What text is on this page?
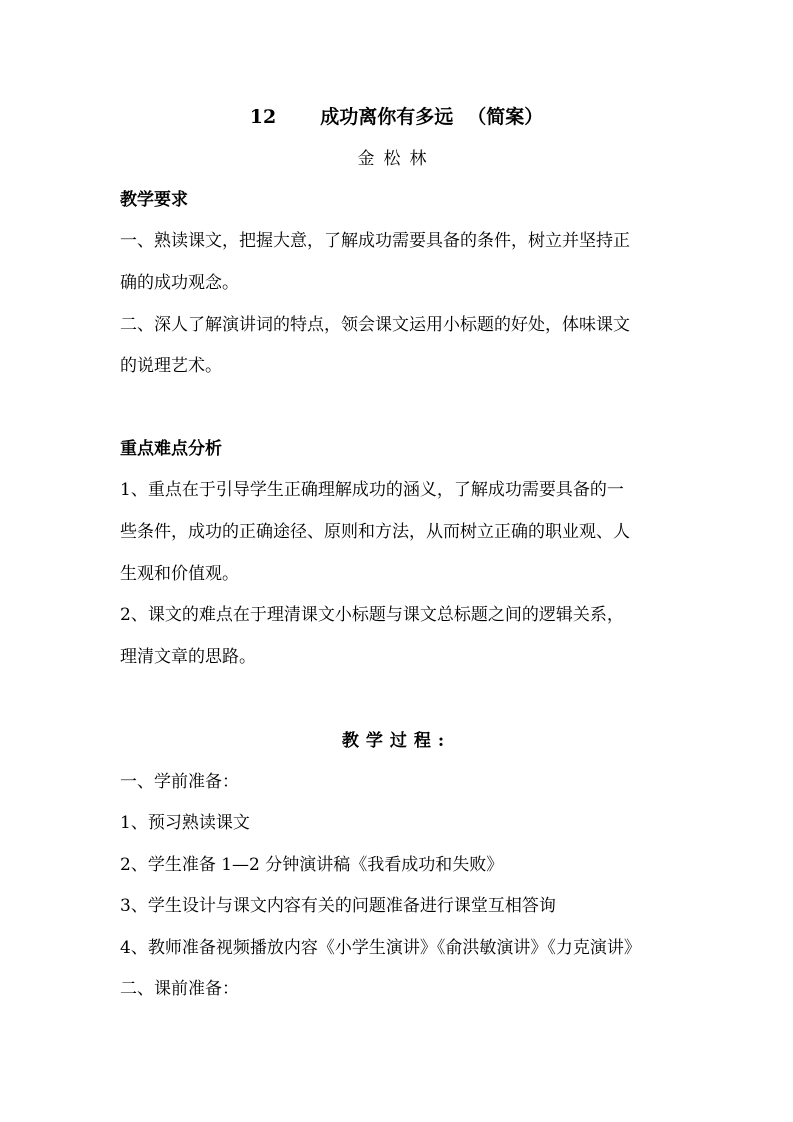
12 成功离你有多远 （简案）
金松林
教学要求
一、熟读课文，把握大意，了解成功需要具备的条件，树立并坚持正
确的成功观念。
二、深人了解演讲词的特点，领会课文运用小标题的好处，体味课文
的说理艺术。
重点难点分析
1、重点在于引导学生正确理解成功的涵义，了解成功需要具备的一
些条件，成功的正确途径、原则和方法，从而树立正确的职业观、人
生观和价值观。
2、课文的难点在于理清课文小标题与课文总标题之间的逻辑关系，
理清文章的思路。
教学过程:
一、学前准备：
1、预习熟读课文
2、学生准备 1—2 分钟演讲稿《我看成功和失败》
3、学生设计与课文内容有关的问题准备进行课堂互相答询
4、教师准备视频播放内容《小学生演讲》《俞洪敏演讲》《力克演讲》
二、课前准备：
